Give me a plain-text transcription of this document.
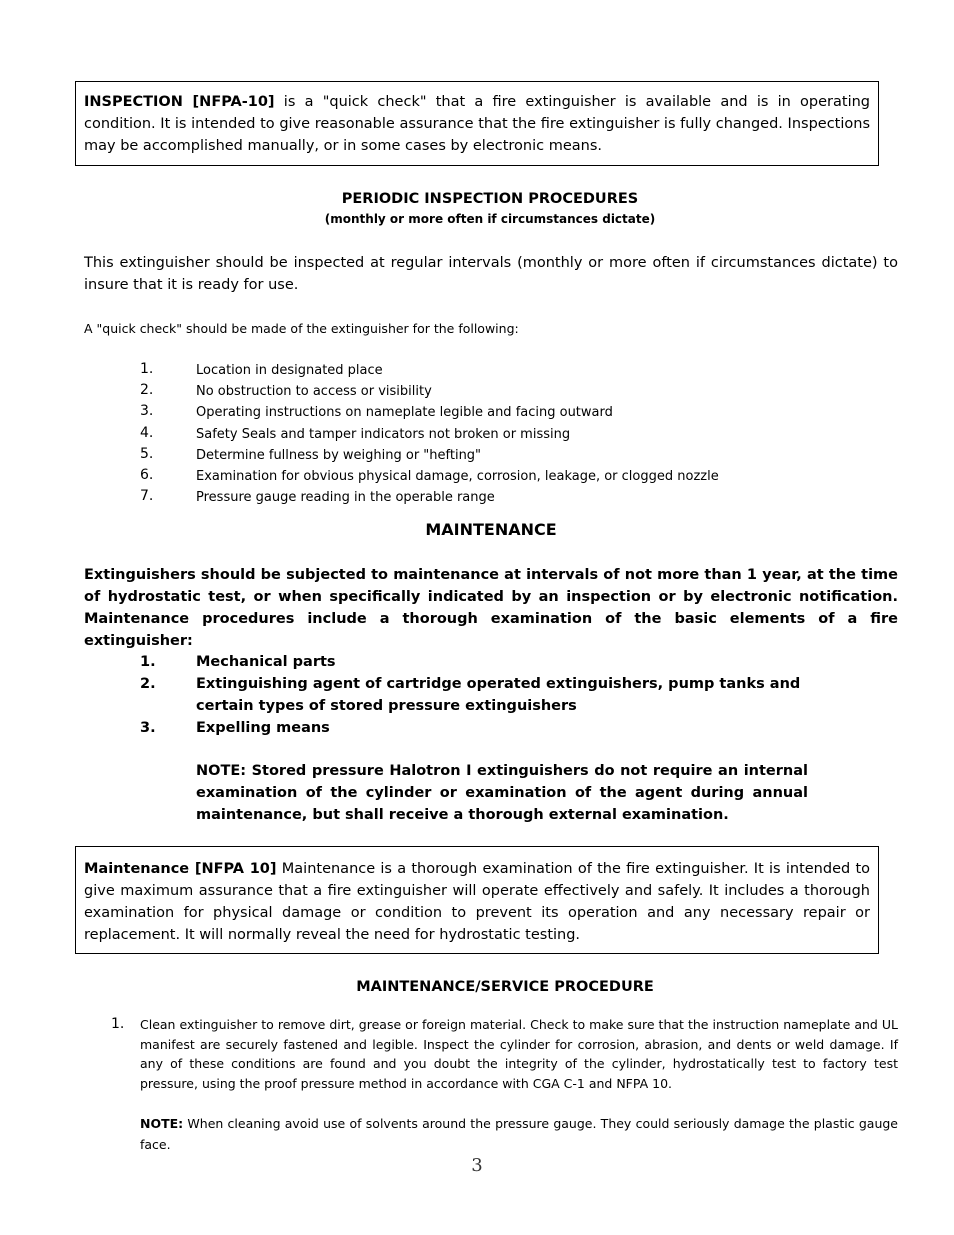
INSPECTION [NFPA-10] is a "quick check" that a fire extinguisher is available and is in operating condition. It is intended to give reasonable assurance that the fire extinguisher is fully changed. Inspections may be accomplished manually, or in some cases by electronic means.
PERIODIC INSPECTION PROCEDURES
(monthly or more often if circumstances dictate)
This extinguisher should be inspected at regular intervals (monthly or more often if circumstances dictate) to insure that it is ready for use.
A "quick check" should be made of the extinguisher for the following:
1.	Location in designated place
2.	No obstruction to access or visibility
3.	Operating instructions on nameplate legible and facing outward
4.	Safety Seals and tamper indicators not broken or missing
5.	Determine fullness by weighing or "hefting"
6.	Examination for obvious physical damage, corrosion, leakage, or clogged nozzle
7.	Pressure gauge reading in the operable range
MAINTENANCE
Extinguishers should be subjected to maintenance at intervals of not more than 1 year, at the time of hydrostatic test, or when specifically indicated by an inspection or by electronic notification. Maintenance procedures include a thorough examination of the basic elements of a fire extinguisher:
1.	Mechanical parts
2.	Extinguishing agent of cartridge operated extinguishers, pump tanks and certain types of stored pressure extinguishers
3.	Expelling means
NOTE: Stored pressure Halotron I extinguishers do not require an internal examination of the cylinder or examination of the agent during annual maintenance, but shall receive a thorough external examination.
Maintenance [NFPA 10] Maintenance is a thorough examination of the fire extinguisher. It is intended to give maximum assurance that a fire extinguisher will operate effectively and safely. It includes a thorough examination for physical damage or condition to prevent its operation and any necessary repair or replacement. It will normally reveal the need for hydrostatic testing.
MAINTENANCE/SERVICE PROCEDURE
1. Clean extinguisher to remove dirt, grease or foreign material. Check to make sure that the instruction nameplate and UL manifest are securely fastened and legible. Inspect the cylinder for corrosion, abrasion, and dents or weld damage. If any of these conditions are found and you doubt the integrity of the cylinder, hydrostatically test to factory test pressure, using the proof pressure method in accordance with CGA C-1 and NFPA 10.
NOTE: When cleaning avoid use of solvents around the pressure gauge. They could seriously damage the plastic gauge face.
3
